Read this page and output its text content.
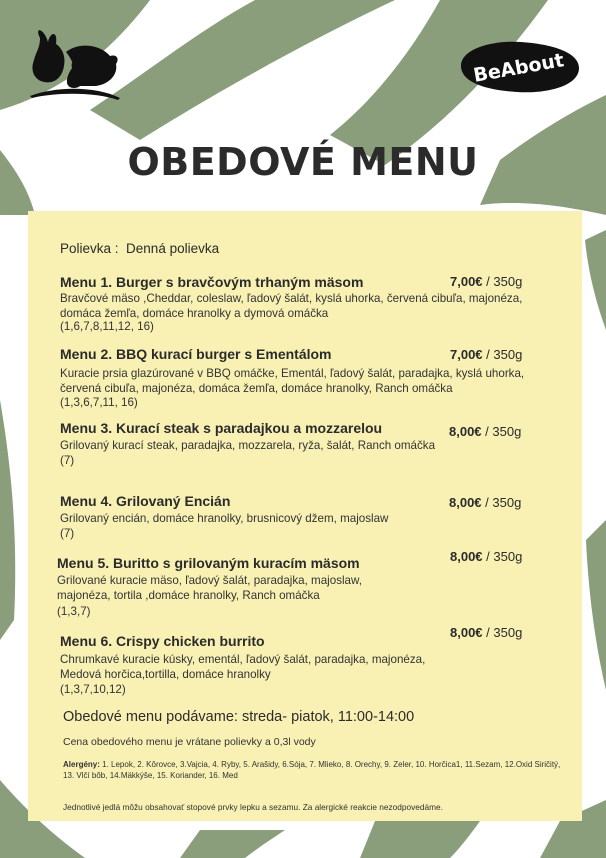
BeAbout
OBEDOVÉ MENU
Polievka : Denná polievka
Menu 1. Burger s bravčovým trhaným mäsom	7,00€ / 350g
Bravčové mäso ,Cheddar, coleslaw, ľadový šalát, kyslá uhorka, červená cibuľa, majonéza, domáca žemľa, domáce hranolky a dymová omáčka
(1,6,7,8,11,12, 16)
Menu 2. BBQ kurací burger s Ementálom	7,00€ / 350g
Kuracie prsia glazúrované v BBQ omáčke, Ementál, ľadový šalát, paradajka, kyslá uhorka, červená cibuľa, majonéza, domáca žemľa, domáce hranolky, Ranch omáčka
(1,3,6,7,11, 16)
Menu 3. Kurací steak s paradajkou a mozzarelou	8,00€ / 350g
Grilovaný kurací steak, paradajka, mozzarela, ryža, šalát, Ranch omáčka
(7)
Menu 4. Grilovaný Encián	8,00€ / 350g
Grilovaný encián, domáce hranolky, brusnicový džem, majoslaw
(7)
Menu 5. Buritto s grilovaným kuracím mäsom	8,00€ / 350g
Grilované kuracie mäso, ľadový šalát, paradajka, majoslaw, majonéza, tortila ,domáce hranolky, Ranch omáčka
(1,3,7)
Menu 6. Crispy chicken burrito
8,00€ / 350g
Chrumkavé kuracie kúsky, ementál, ľadový šalát, paradajka, majonéza, Medová horčica,tortilla, domáce hranolky
(1,3,7,10,12)
Obedové menu podávame: streda- piatok, 11:00-14:00
Cena obedového menu je vrátane polievky a 0,3l vody
Alergény: 1. Lepok, 2. Kôrovce, 3.Vajcia, 4. Ryby, 5. Arašidy, 6.Sója, 7. Mlieko, 8. Orechy, 9. Zeler, 10. Horčica1, 11.Sezam, 12.Oxid Siričitý, 13. Vlčí bôb, 14.Mäkkýše, 15. Koriander, 16. Med
Jednotlivé jedlá môžu obsahovať stopové prvky lepku a sezamu. Za alergické reakcie nezodpovedáme.
